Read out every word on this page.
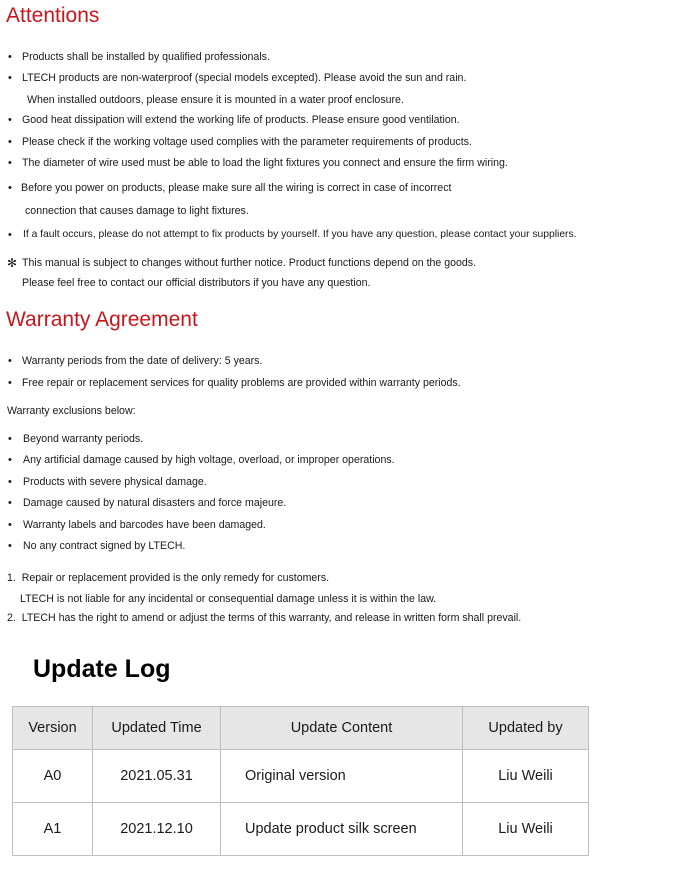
Attentions
• Products shall be installed by qualified professionals.
• LTECH products are non-waterproof (special models excepted). Please avoid the sun and rain.
When installed outdoors, please ensure it is mounted in a water proof enclosure.
• Good heat dissipation will extend the working life of products. Please ensure good ventilation.
• Please check if the working voltage used complies with the parameter requirements of products.
• The diameter of wire used must be able to load the light fixtures you connect and ensure the firm wiring.
• Before you power on products, please make sure all the wiring is correct in case of incorrect
connection that causes damage to light fixtures.
• If a fault occurs, please do not attempt to fix products by yourself. If you have any question, please contact your suppliers.
✻ This manual is subject to changes without further notice. Product functions depend on the goods.
Please feel free to contact our official distributors if you have any question.
Warranty Agreement
• Warranty periods from the date of delivery: 5 years.
• Free repair or replacement services for quality problems are provided within warranty periods.
Warranty exclusions below:
• Beyond warranty periods.
• Any artificial damage caused by high voltage, overload, or improper operations.
• Products with severe physical damage.
• Damage caused by natural disasters and force majeure.
• Warranty labels and barcodes have been damaged.
• No any contract signed by LTECH.
1.  Repair or replacement provided is the only remedy for customers.
LTECH is not liable for any incidental or consequential damage unless it is within the law.
2.  LTECH has the right to amend or adjust the terms of this warranty, and release in written form shall prevail.
Update Log
Version	Updated Time	Update Content	Updated by
A0	2021.05.31	Original version	Liu Weili
A1	2021.12.10	Update product silk screen	Liu Weili
